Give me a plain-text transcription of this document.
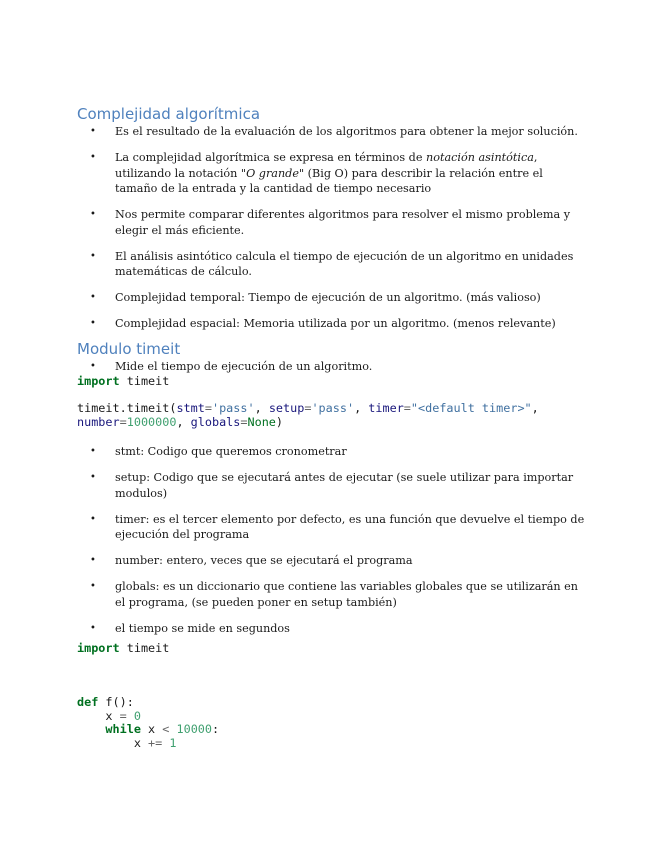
Complejidad algorítmica
• Es el resultado de la evaluación de los algoritmos para obtener la mejor solución.
• La complejidad algorítmica se expresa en términos de notación asintótica, utilizando la notación "O grande" (Big O) para describir la relación entre el tamaño de la entrada y la cantidad de tiempo necesario
• Nos permite comparar diferentes algoritmos para resolver el mismo problema y elegir el más eficiente.
• El análisis asintótico calcula el tiempo de ejecución de un algoritmo en unidades matemáticas de cálculo.
• Complejidad temporal: Tiempo de ejecución de un algoritmo. (más valioso)
• Complejidad espacial: Memoria utilizada por un algoritmo. (menos relevante)
Modulo timeit
• Mide el tiempo de ejecución de un algoritmo.
import timeit

timeit.timeit(stmt='pass', setup='pass', timer="<default timer>",
number=1000000, globals=None)
• stmt: Codigo que queremos cronometrar
• setup: Codigo que se ejecutará antes de ejecutar (se suele utilizar para importar modulos)
• timer: es el tercer elemento por defecto, es una función que devuelve el tiempo de ejecución del programa
• number: entero, veces que se ejecutará el programa
• globals: es un diccionario que contiene las variables globales que se utilizarán en el programa, (se pueden poner en setup también)
• el tiempo se mide en segundos
import timeit

def f():
x = 0
while x < 10000:
x += 1
